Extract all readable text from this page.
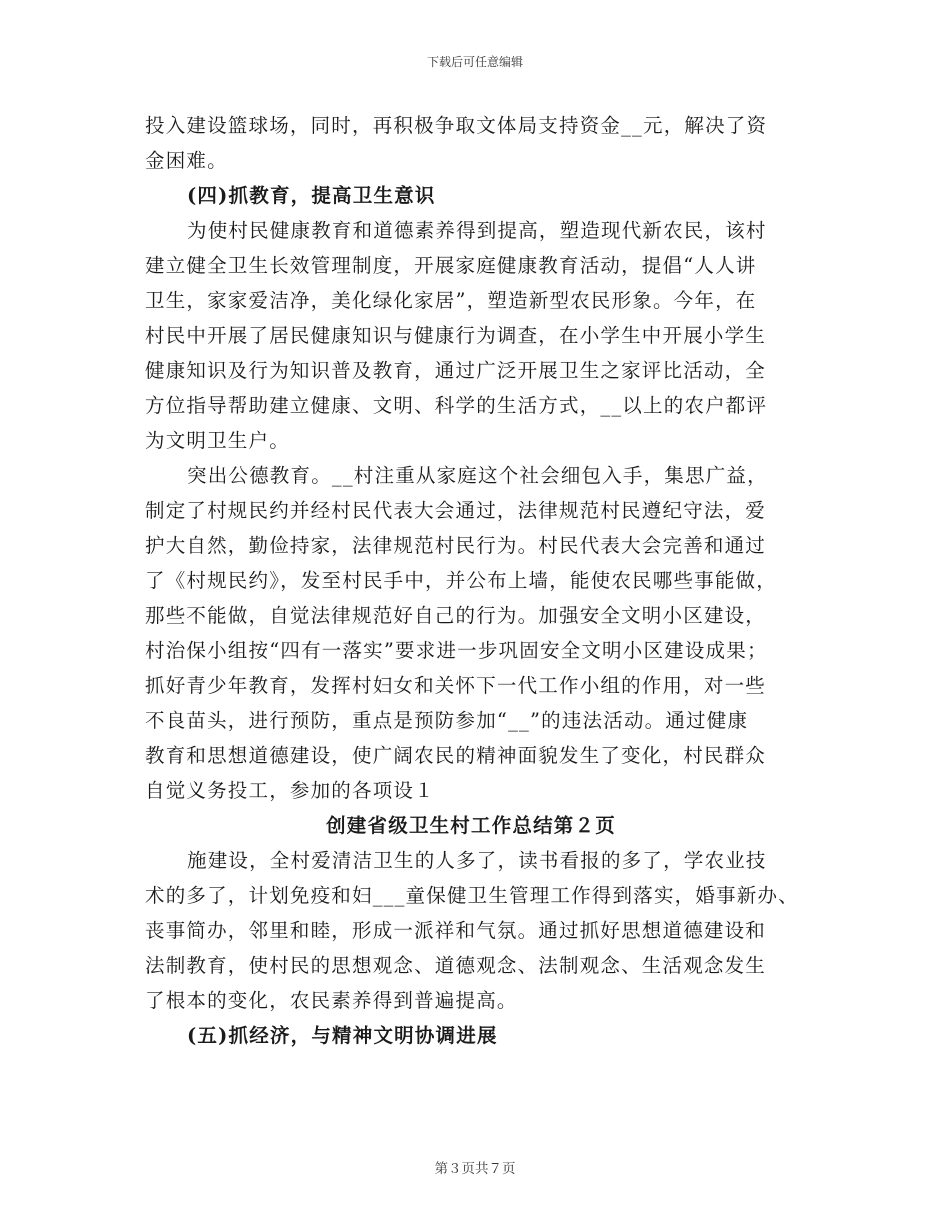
下载后可任意编辑
投入建设篮球场，同时，再积极争取文体局支持资金__元，解决了资
金困难。
(四)抓教育，提高卫生意识
为使村民健康教育和道德素养得到提高，塑造现代新农民，该村
建立健全卫生长效管理制度，开展家庭健康教育活动，提倡“人人讲
卫生，家家爱洁净，美化绿化家居”，塑造新型农民形象。今年，在
村民中开展了居民健康知识与健康行为调查，在小学生中开展小学生
健康知识及行为知识普及教育，通过广泛开展卫生之家评比活动，全
方位指导帮助建立健康、文明、科学的生活方式，__以上的农户都评
为文明卫生户。
突出公德教育。__村注重从家庭这个社会细包入手，集思广益，
制定了村规民约并经村民代表大会通过，法律规范村民遵纪守法，爱
护大自然，勤俭持家，法律规范村民行为。村民代表大会完善和通过
了《村规民约》，发至村民手中，并公布上墙，能使农民哪些事能做，
那些不能做，自觉法律规范好自己的行为。加强安全文明小区建设，
村治保小组按“四有一落实”要求进一步巩固安全文明小区建设成果；
抓好青少年教育，发挥村妇女和关怀下一代工作小组的作用，对一些
不良苗头，进行预防，重点是预防参加“__”的违法活动。通过健康
教育和思想道德建设，使广阔农民的精神面貌发生了变化，村民群众
自觉义务投工，参加的各项设１
创建省级卫生村工作总结第２页
施建设，全村爱清洁卫生的人多了，读书看报的多了，学农业技
术的多了，计划免疫和妇___童保健卫生管理工作得到落实，婚事新办、
丧事简办，邻里和睦，形成一派祥和气氛。通过抓好思想道德建设和
法制教育，使村民的思想观念、道德观念、法制观念、生活观念发生
了根本的变化，农民素养得到普遍提高。
(五)抓经济，与精神文明协调进展
第３页共７页
